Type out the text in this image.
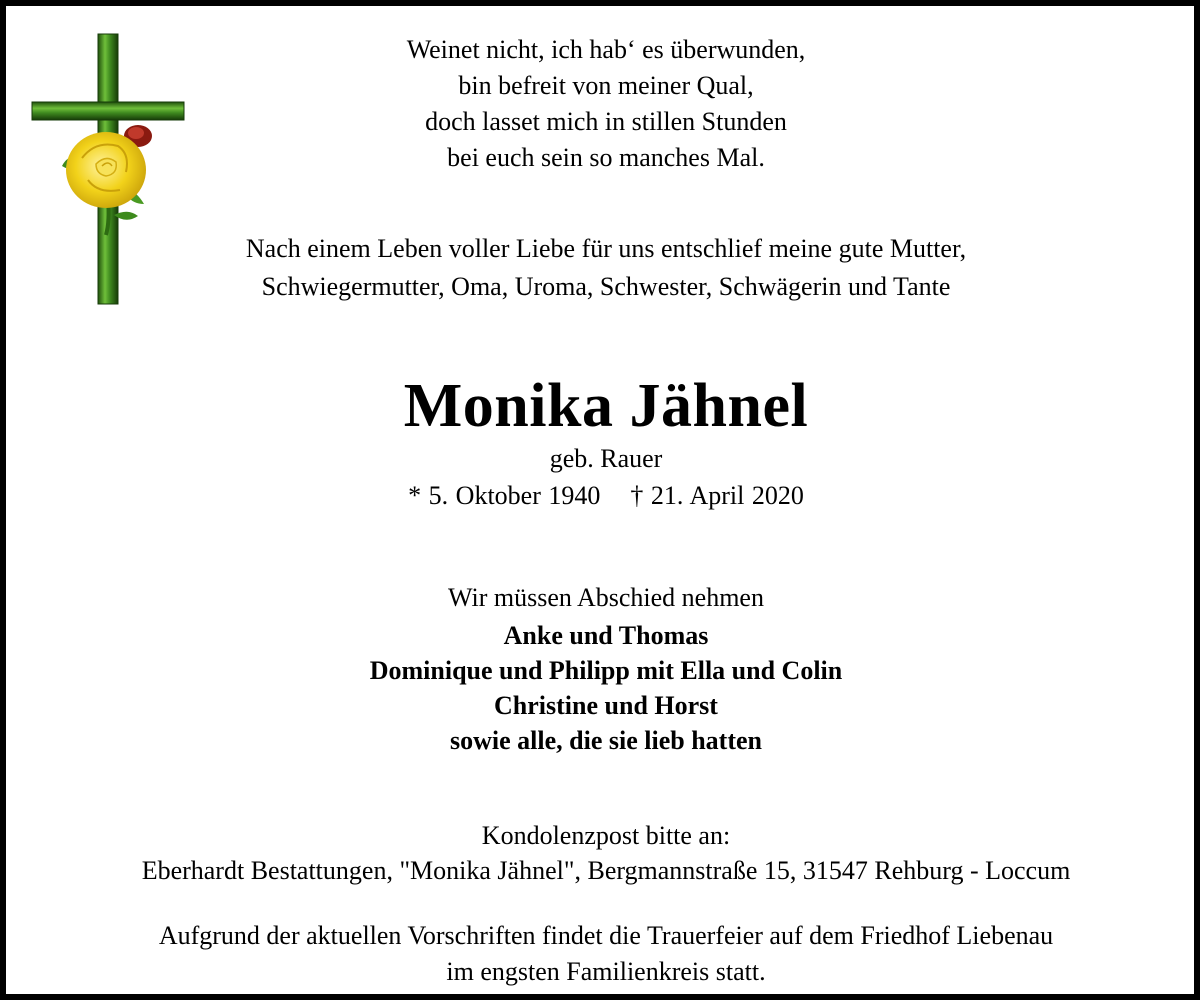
Weinet nicht, ich hab‘ es überwunden,
bin befreit von meiner Qual,
doch lasset mich in stillen Stunden
bei euch sein so manches Mal.
Nach einem Leben voller Liebe für uns entschlief meine gute Mutter,
Schwiegermutter, Oma, Uroma, Schwester, Schwägerin und Tante
Monika Jähnel
geb. Rauer
* 5. Oktober 1940 † 21. April 2020
Wir müssen Abschied nehmen
Anke und Thomas
Dominique und Philipp mit Ella und Colin
Christine und Horst
sowie alle, die sie lieb hatten
Kondolenzpost bitte an:
Eberhardt Bestattungen, "Monika Jähnel", Bergmannstraße 15, 31547 Rehburg - Loccum
Aufgrund der aktuellen Vorschriften findet die Trauerfeier auf dem Friedhof Liebenau
im engsten Familienkreis statt.
